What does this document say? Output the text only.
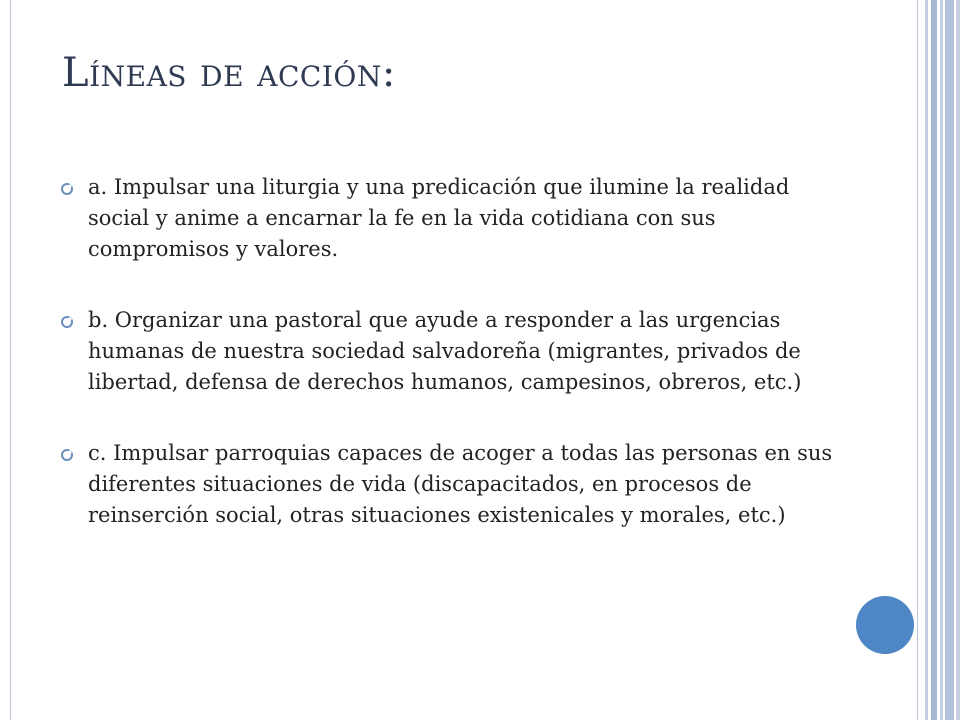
Líneas de acción:
a. Impulsar una liturgia y una predicación que ilumine la realidad social y anime a encarnar la fe en la vida cotidiana con sus compromisos y valores.
b. Organizar una pastoral que ayude a responder a las urgencias humanas de nuestra sociedad salvadoreña (migrantes, privados de libertad, defensa de derechos humanos, campesinos, obreros, etc.)
c. Impulsar parroquias capaces de acoger a todas las personas en sus diferentes situaciones de vida (discapacitados, en procesos de reinserción social, otras situaciones existenicales y morales, etc.)
